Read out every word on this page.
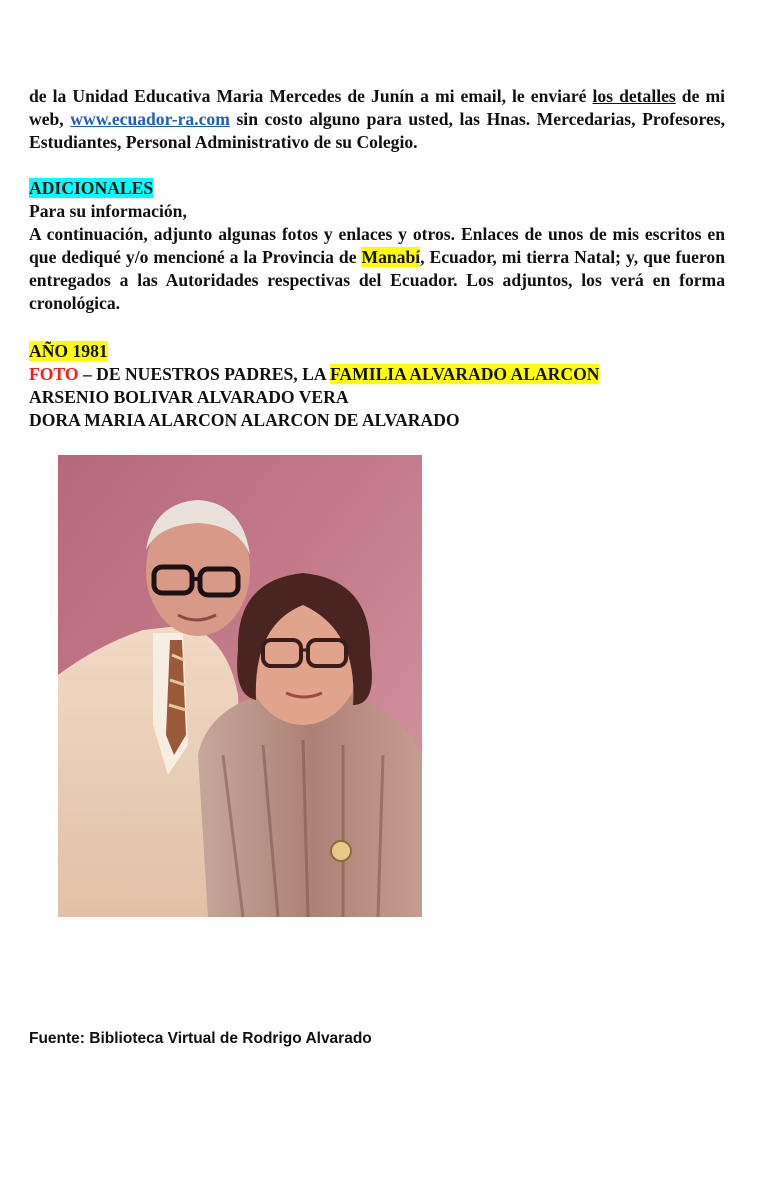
de la Unidad Educativa Maria Mercedes de Junín a mi email, le enviaré los detalles de mi web, www.ecuador-ra.com sin costo alguno para usted, las Hnas. Mercedarias, Profesores, Estudiantes, Personal Administrativo de su Colegio.
ADICIONALES
Para su información,
A continuación, adjunto algunas fotos y enlaces y otros. Enlaces de unos de mis escritos en que dediqué y/o mencioné a la Provincia de Manabí, Ecuador, mi tierra Natal; y, que fueron entregados a las Autoridades respectivas del Ecuador. Los adjuntos, los verá en forma cronológica.
AÑO 1981
FOTO – DE NUESTROS PADRES, LA FAMILIA ALVARADO ALARCON
ARSENIO BOLIVAR ALVARADO VERA
DORA MARIA ALARCON ALARCON DE ALVARADO
Fuente: Biblioteca Virtual de Rodrigo Alvarado
